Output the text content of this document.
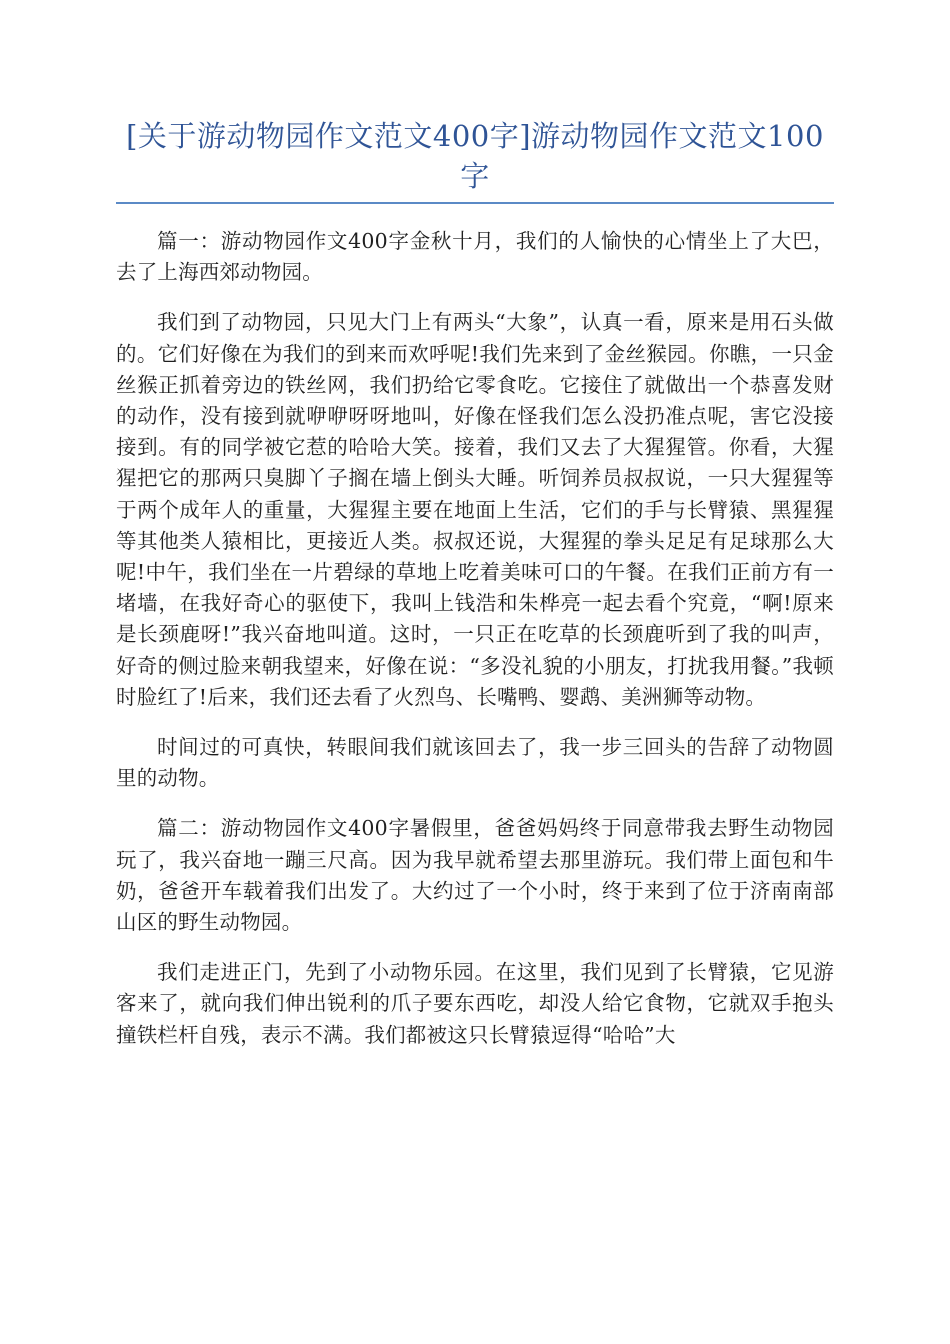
[关于游动物园作文范文400字]游动物园作文范文100字

篇一：游动物园作文400字金秋十月，我们的人愉快的心情坐上了大巴，去了上海西郊动物园。

我们到了动物园，只见大门上有两头“大象”，认真一看，原来是用石头做的。它们好像在为我们的到来而欢呼呢!我们先来到了金丝猴园。你瞧，一只金丝猴正抓着旁边的铁丝网，我们扔给它零食吃。它接住了就做出一个恭喜发财的动作，没有接到就咿咿呀呀地叫，好像在怪我们怎么没扔准点呢，害它没接接到。有的同学被它惹的哈哈大笑。接着，我们又去了大猩猩管。你看，大猩猩把它的那两只臭脚丫子搁在墙上倒头大睡。听饲养员叔叔说，一只大猩猩等于两个成年人的重量，大猩猩主要在地面上生活，它们的手与长臂猿、黑猩猩等其他类人猿相比，更接近人类。叔叔还说，大猩猩的拳头足足有足球那么大呢!中午，我们坐在一片碧绿的草地上吃着美味可口的午餐。在我们正前方有一堵墙，在我好奇心的驱使下，我叫上钱浩和朱桦亮一起去看个究竟，“啊!原来是长颈鹿呀!”我兴奋地叫道。这时，一只正在吃草的长颈鹿听到了我的叫声，好奇的侧过脸来朝我望来，好像在说：“多没礼貌的小朋友，打扰我用餐。”我顿时脸红了!后来，我们还去看了火烈鸟、长嘴鸭、婴鹉、美洲狮等动物。

时间过的可真快，转眼间我们就该回去了，我一步三回头的告辞了动物圆里的动物。

篇二：游动物园作文400字暑假里，爸爸妈妈终于同意带我去野生动物园玩了，我兴奋地一蹦三尺高。因为我早就希望去那里游玩。我们带上面包和牛奶，爸爸开车载着我们出发了。大约过了一个小时，终于来到了位于济南南部山区的野生动物园。

我们走进正门，先到了小动物乐园。在这里，我们见到了长臂猿，它见游客来了，就向我们伸出锐利的爪子要东西吃，却没人给它食物，它就双手抱头撞铁栏杆自残，表示不满。我们都被这只长臂猿逗得“哈哈”大
